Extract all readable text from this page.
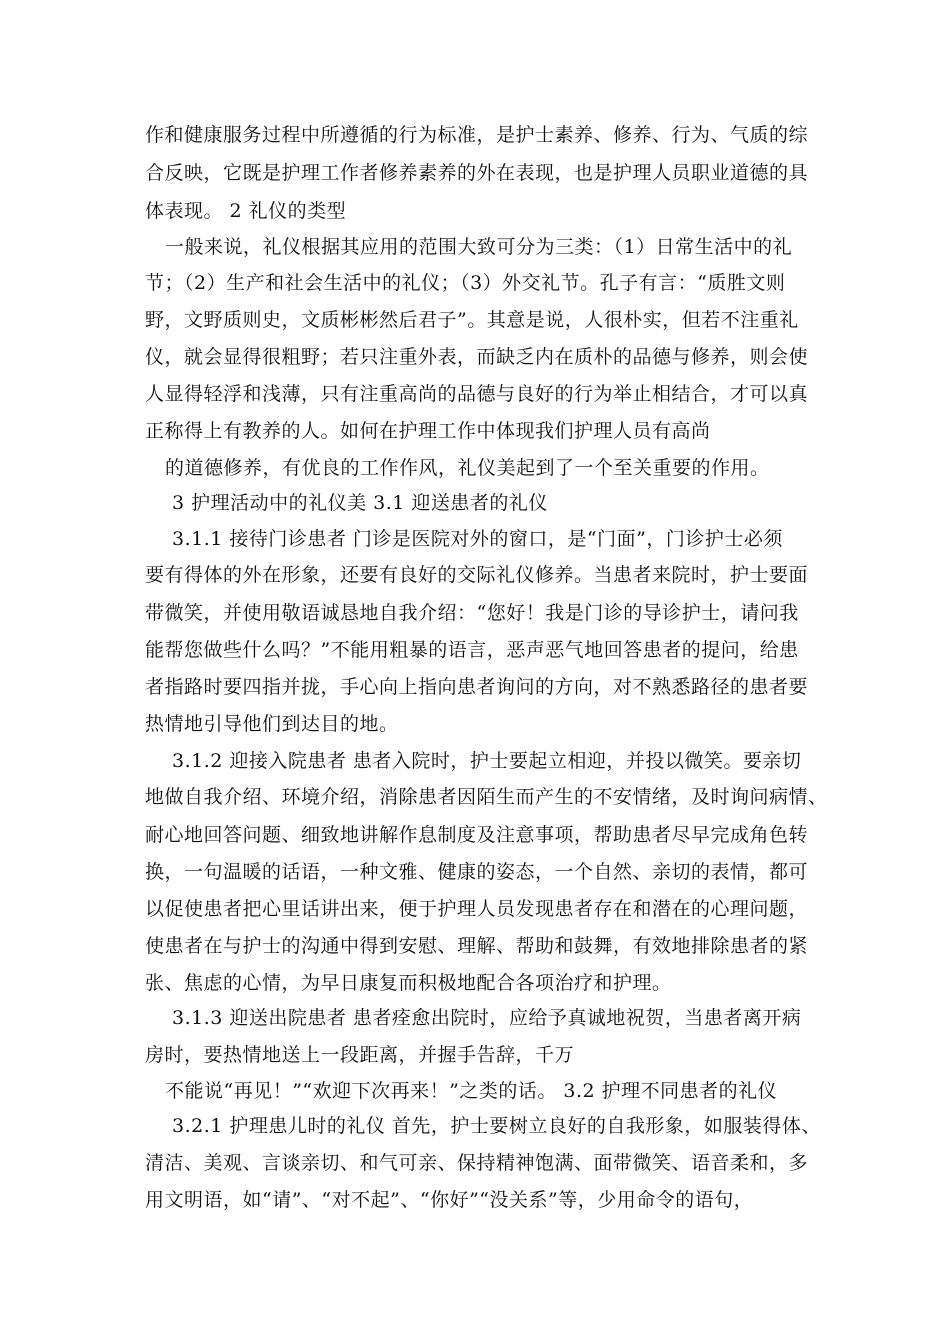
作和健康服务过程中所遵循的行为标准，是护士素养、修养、行为、气质的综
合反映，它既是护理工作者修养素养的外在表现，也是护理人员职业道德的具
体表现。 2 礼仪的类型
一般来说，礼仪根据其应用的范围大致可分为三类：（1）日常生活中的礼
节；（2）生产和社会生活中的礼仪；（3）外交礼节。孔子有言：“质胜文则
野，文野质则史，文质彬彬然后君子”。其意是说，人很朴实，但若不注重礼
仪，就会显得很粗野；若只注重外表，而缺乏内在质朴的品德与修养，则会使
人显得轻浮和浅薄，只有注重高尚的品德与良好的行为举止相结合，才可以真
正称得上有教养的人。如何在护理工作中体现我们护理人员有高尚
的道德修养，有优良的工作作风，礼仪美起到了一个至关重要的作用。
3 护理活动中的礼仪美 3.1 迎送患者的礼仪
3.1.1 接待门诊患者 门诊是医院对外的窗口，是“门面”，门诊护士必须
要有得体的外在形象，还要有良好的交际礼仪修养。当患者来院时，护士要面
带微笑，并使用敬语诚恳地自我介绍：“您好！我是门诊的导诊护士，请问我
能帮您做些什么吗？”不能用粗暴的语言，恶声恶气地回答患者的提问，给患
者指路时要四指并拢，手心向上指向患者询问的方向，对不熟悉路径的患者要
热情地引导他们到达目的地。
3.1.2 迎接入院患者 患者入院时，护士要起立相迎，并投以微笑。要亲切
地做自我介绍、环境介绍，消除患者因陌生而产生的不安情绪，及时询问病情、
耐心地回答问题、细致地讲解作息制度及注意事项，帮助患者尽早完成角色转
换，一句温暖的话语，一种文雅、健康的姿态，一个自然、亲切的表情，都可
以促使患者把心里话讲出来，便于护理人员发现患者存在和潜在的心理问题，
使患者在与护士的沟通中得到安慰、理解、帮助和鼓舞，有效地排除患者的紧
张、焦虑的心情，为早日康复而积极地配合各项治疗和护理。
3.1.3 迎送出院患者 患者痊愈出院时，应给予真诚地祝贺，当患者离开病
房时，要热情地送上一段距离，并握手告辞，千万
不能说“再见！”“欢迎下次再来！”之类的话。 3.2 护理不同患者的礼仪
3.2.1 护理患儿时的礼仪 首先，护士要树立良好的自我形象，如服装得体、
清洁、美观、言谈亲切、和气可亲、保持精神饱满、面带微笑、语音柔和，多
用文明语，如“请”、“对不起”、“你好”“没关系”等，少用命令的语句，
